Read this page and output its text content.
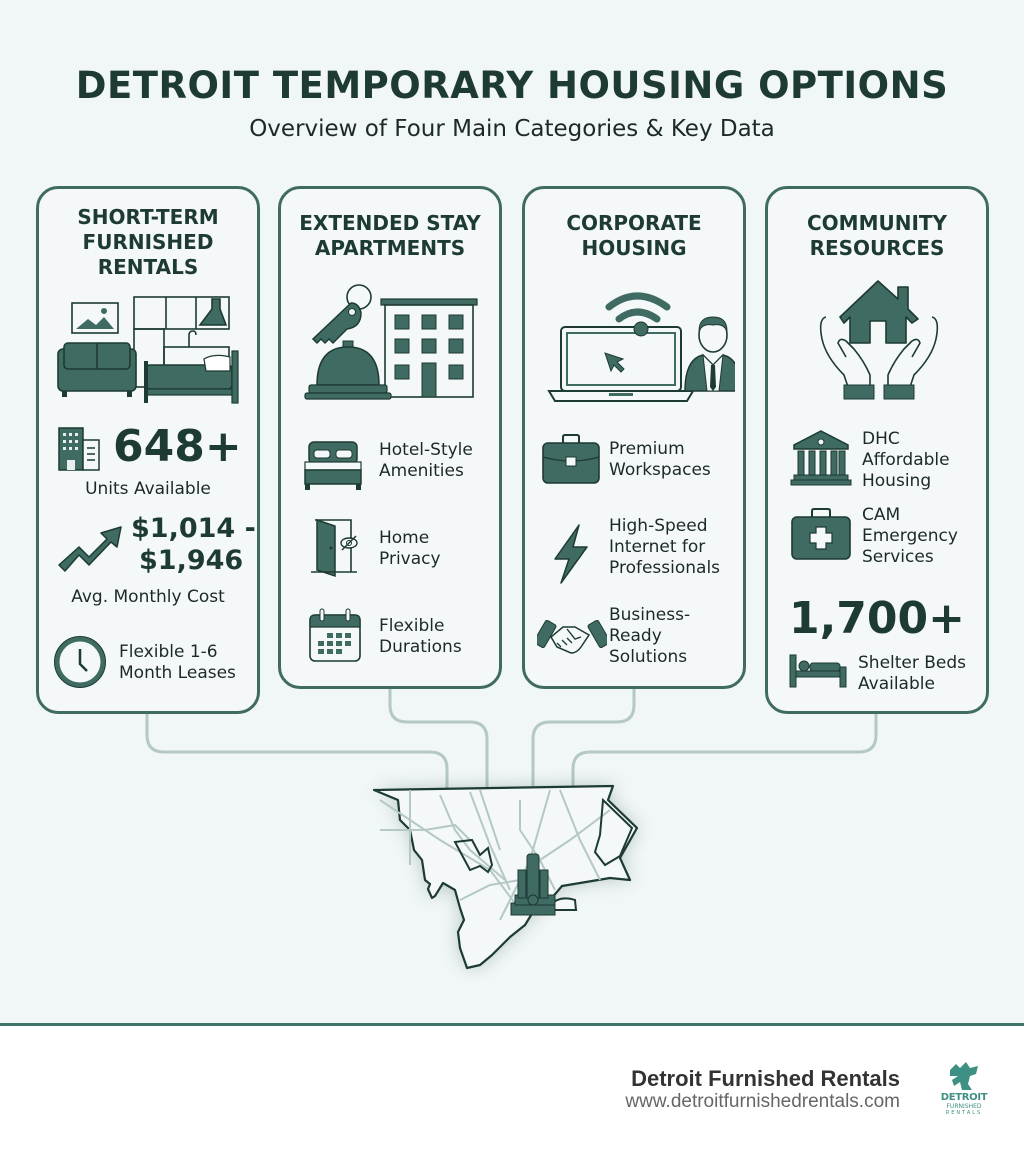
DETROIT TEMPORARY HOUSING OPTIONS
Overview of Four Main Categories & Key Data
SHORT-TERM
FURNISHED
RENTALS
648+
Units Available
$1,014 -
$1,946
Avg. Monthly Cost
Flexible 1-6
Month Leases
EXTENDED STAY
APARTMENTS
Hotel-Style
Amenities
Home
Privacy
Flexible
Durations
CORPORATE
HOUSING
Premium
Workspaces
High-Speed
Internet for
Professionals
Business-
Ready
Solutions
COMMUNITY
RESOURCES
DHC
Affordable
Housing
CAM
Emergency
Services
1,700+
Shelter Beds
Available
Detroit Furnished Rentals
www.detroitfurnishedrentals.com	DETROIT
FURNISHED
RENTALS
